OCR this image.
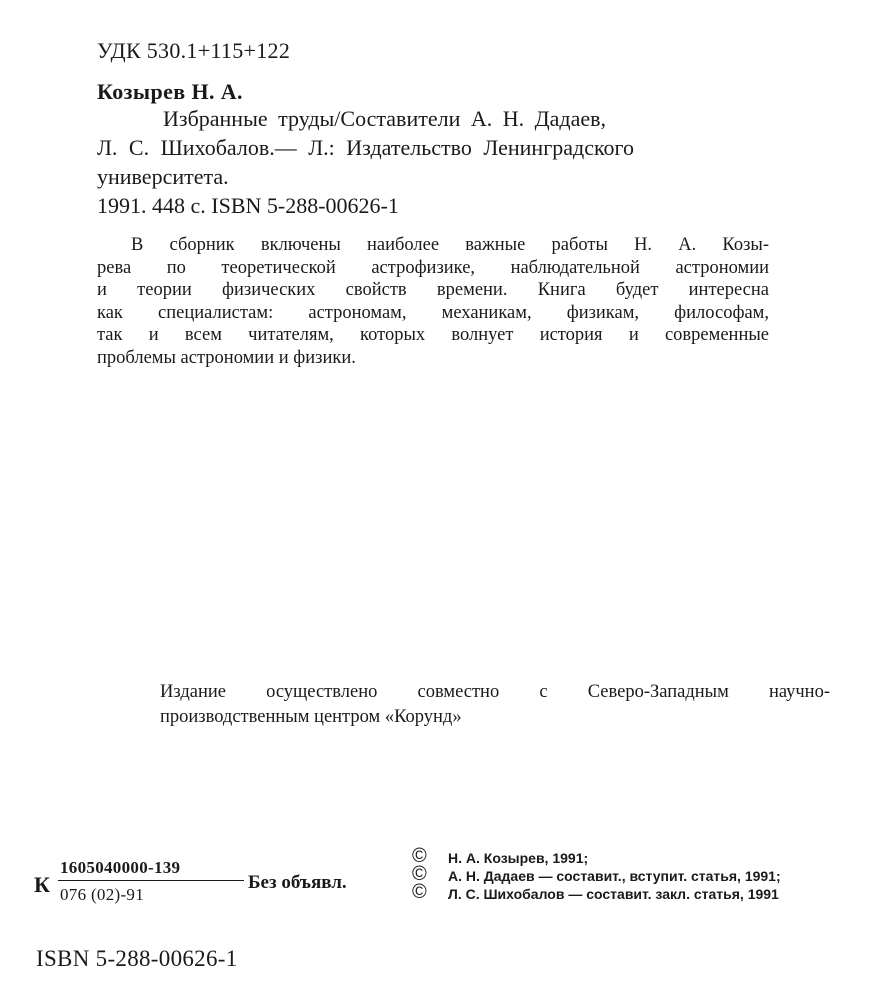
УДК 530.1+115+122
Козырев Н. А.
Избранные труды/Составители А. Н. Дадаев,
Л. С. Шихобалов.— Л.: Издательство Ленинградского
университета.
1991. 448 с. ISBN 5-288-00626-1
В сборник включены наиболее важные работы Н. А. Козы-
рева по теоретической астрофизике, наблюдательной астрономии
и теории физических свойств времени. Книга будет интересна
как специалистам: астрономам, механикам, физикам, философам,
так и всем читателям, которых волнует история и современные
проблемы астрономии и физики.
Издание осуществлено совместно с Северо-Западным научно-
производственным центром «Корунд»
К
1605040000-139
076 (02)-91
Без объявл.
© Н. А. Козырев, 1991;
© А. Н. Дадаев — составит., вступит. статья, 1991;
© Л. С. Шихобалов — составит. закл. статья, 1991
ISBN 5-288-00626-1
